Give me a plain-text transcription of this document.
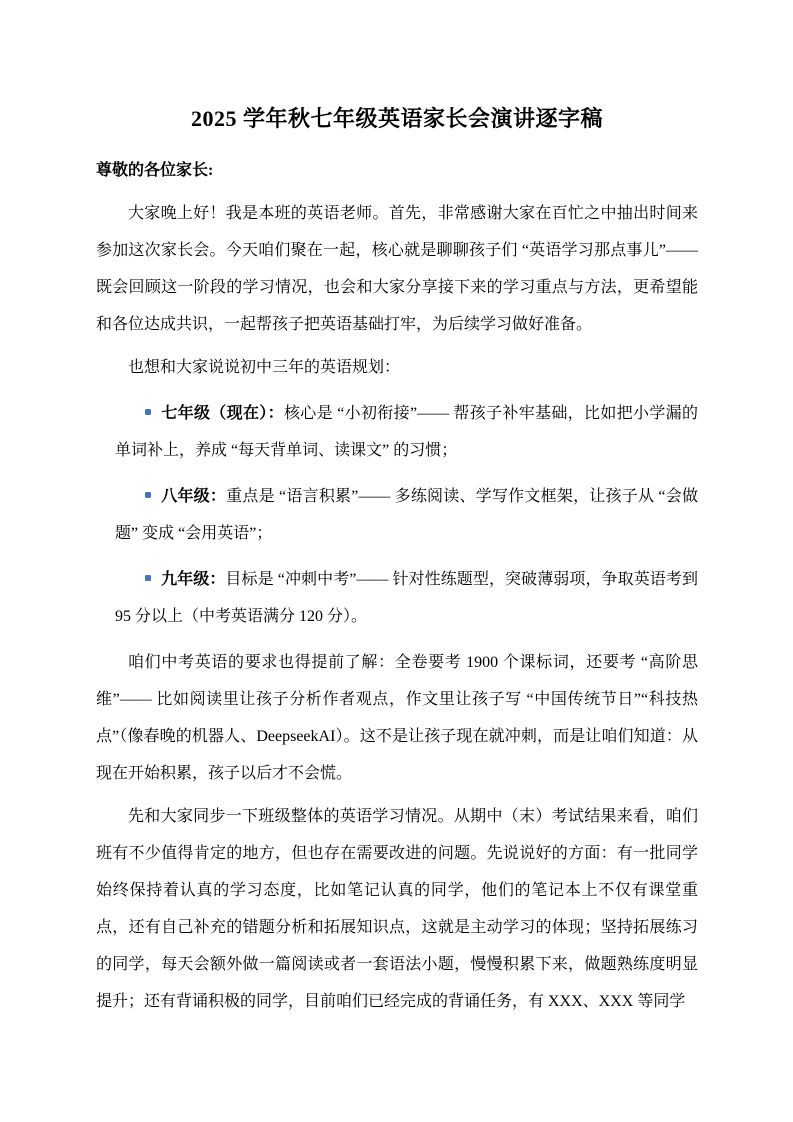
2025 学年秋七年级英语家长会演讲逐字稿

尊敬的各位家长:

大家晚上好！我是本班的英语老师。首先，非常感谢大家在百忙之中抽出时间来参加这次家长会。今天咱们聚在一起，核心就是聊聊孩子们 “英语学习那点事儿”——既会回顾这一阶段的学习情况，也会和大家分享接下来的学习重点与方法，更希望能和各位达成共识，一起帮孩子把英语基础打牢，为后续学习做好准备。

也想和大家说说初中三年的英语规划：

七年级（现在）：核心是 “小初衔接”—— 帮孩子补牢基础，比如把小学漏的单词补上，养成 “每天背单词、读课文” 的习惯；
八年级：重点是 “语言积累”—— 多练阅读、学写作文框架，让孩子从 “会做题” 变成 “会用英语”；
九年级：目标是 “冲刺中考”—— 针对性练题型，突破薄弱项，争取英语考到 95 分以上（中考英语满分 120 分）。

咱们中考英语的要求也得提前了解：全卷要考 1900 个课标词，还要考 “高阶思维”—— 比如阅读里让孩子分析作者观点，作文里让孩子写 “中国传统节日”“科技热点”（像春晚的机器人、DeepseekAI）。这不是让孩子现在就冲刺，而是让咱们知道：从现在开始积累，孩子以后才不会慌。

先和大家同步一下班级整体的英语学习情况。从期中（末）考试结果来看，咱们班有不少值得肯定的地方，但也存在需要改进的问题。先说说好的方面：有一批同学始终保持着认真的学习态度，比如笔记认真的同学，他们的笔记本上不仅有课堂重点，还有自己补充的错题分析和拓展知识点，这就是主动学习的体现；坚持拓展练习的同学，每天会额外做一篇阅读或者一套语法小题，慢慢积累下来，做题熟练度明显提升；还有背诵积极的同学，目前咱们已经完成的背诵任务，有 XXX、XXX 等同学
